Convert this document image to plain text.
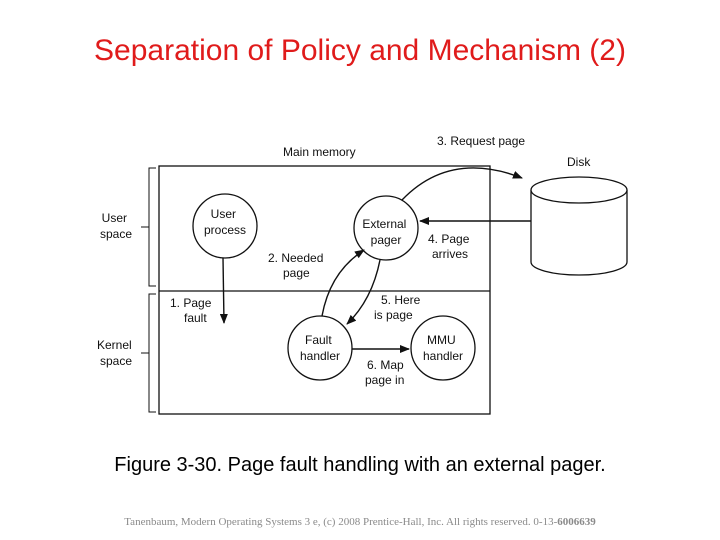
Separation of Policy and Mechanism (2)
Main memory
User space
Kernel space
Disk
User process	External pager
Fault handler
MMU handler
1. Page fault
2. Needed page
3. Request page
4. Page arrives
5. Here is page
6. Map page in
Figure 3-30. Page fault handling with an external pager.
Tanenbaum, Modern Operating Systems 3 e, (c) 2008 Prentice-Hall, Inc. All rights reserved. 0-13-6006639
